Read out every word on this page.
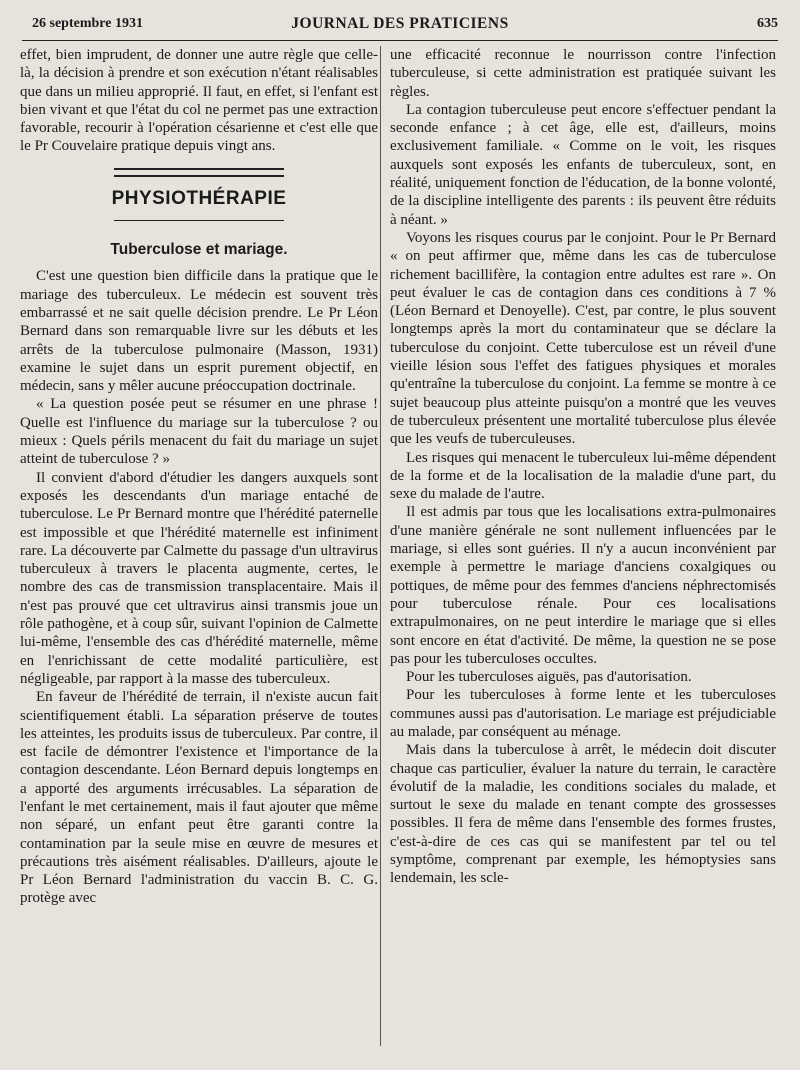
26 septembre 1931	JOURNAL DES PRATICIENS	635

effet, bien imprudent, de donner une autre règle que celle-là, la décision à prendre et son exécution n'étant réalisables que dans un milieu approprié. Il faut, en effet, si l'enfant est bien vivant et que l'état du col ne permet pas une extraction favorable, recourir à l'opération césarienne et c'est elle que le Pr Couvelaire pratique depuis vingt ans.

PHYSIOTHÉRAPIE
Tuberculose et mariage.

C'est une question bien difficile dans la pratique que le mariage des tuberculeux. Le médecin est souvent très embarrassé et ne sait quelle décision prendre. Le Pr Léon Bernard dans son remarquable livre sur les débuts et les arrêts de la tuberculose pulmonaire (Masson, 1931) examine le sujet dans un esprit purement objectif, en médecin, sans y mêler aucune préoccupation doctrinale.

« La question posée peut se résumer en une phrase ! Quelle est l'influence du mariage sur la tuberculose ? ou mieux : Quels périls menacent du fait du mariage un sujet atteint de tuberculose ? »

Il convient d'abord d'étudier les dangers auxquels sont exposés les descendants d'un mariage entaché de tuberculose. Le Pr Bernard montre que l'hérédité paternelle est impossible et que l'hérédité maternelle est infiniment rare. La découverte par Calmette du passage d'un ultravirus tuberculeux à travers le placenta augmente, certes, le nombre des cas de transmission transplacentaire. Mais il n'est pas prouvé que cet ultravirus ainsi transmis joue un rôle pathogène, et à coup sûr, suivant l'opinion de Calmette lui-même, l'ensemble des cas d'hérédité maternelle, même en l'enrichissant de cette modalité particulière, est négligeable, par rapport à la masse des tuberculeux.

En faveur de l'hérédité de terrain, il n'existe aucun fait scientifiquement établi. La séparation préserve de toutes les atteintes, les produits issus de tuberculeux. Par contre, il est facile de démontrer l'existence et l'importance de la contagion descendante. Léon Bernard depuis longtemps en a apporté des arguments irrécusables. La séparation de l'enfant le met certainement, mais il faut ajouter que même non séparé, un enfant peut être garanti contre la contamination par la seule mise en œuvre de mesures et précautions très aisément réalisables. D'ailleurs, ajoute le Pr Léon Bernard l'administration du vaccin B. C. G. protège avec

une efficacité reconnue le nourrisson contre l'infection tuberculeuse, si cette administration est pratiquée suivant les règles.

La contagion tuberculeuse peut encore s'effectuer pendant la seconde enfance ; à cet âge, elle est, d'ailleurs, moins exclusivement familiale. « Comme on le voit, les risques auxquels sont exposés les enfants de tuberculeux, sont, en réalité, uniquement fonction de l'éducation, de la bonne volonté, de la discipline intelligente des parents : ils peuvent être réduits à néant. »

Voyons les risques courus par le conjoint. Pour le Pr Bernard « on peut affirmer que, même dans les cas de tuberculose richement bacillifère, la contagion entre adultes est rare ». On peut évaluer le cas de contagion dans ces conditions à 7 % (Léon Bernard et Denoyelle). C'est, par contre, le plus souvent longtemps après la mort du contaminateur que se déclare la tuberculose du conjoint. Cette tuberculose est un réveil d'une vieille lésion sous l'effet des fatigues physiques et morales qu'entraîne la tuberculose du conjoint. La femme se montre à ce sujet beaucoup plus atteinte puisqu'on a montré que les veuves de tuberculeux présentent une mortalité tuberculose plus élevée que les veufs de tuberculeuses.

Les risques qui menacent le tuberculeux lui-même dépendent de la forme et de la localisation de la maladie d'une part, du sexe du malade de l'autre.

Il est admis par tous que les localisations extra-pulmonaires d'une manière générale ne sont nullement influencées par le mariage, si elles sont guéries. Il n'y a aucun inconvénient par exemple à permettre le mariage d'anciens coxalgiques ou pottiques, de même pour des femmes d'anciens néphrectomisés pour tuberculose rénale. Pour ces localisations extrapulmonaires, on ne peut interdire le mariage que si elles sont encore en état d'activité. De même, la question ne se pose pas pour les tuberculoses occultes.

Pour les tuberculoses aiguës, pas d'autorisation.

Pour les tuberculoses à forme lente et les tuberculoses communes aussi pas d'autorisation. Le mariage est préjudiciable au malade, par conséquent au ménage.

Mais dans la tuberculose à arrêt, le médecin doit discuter chaque cas particulier, évaluer la nature du terrain, le caractère évolutif de la maladie, les conditions sociales du malade, et surtout le sexe du malade en tenant compte des grossesses possibles. Il fera de même dans l'ensemble des formes frustes, c'est-à-dire de ces cas qui se manifestent par tel ou tel symptôme, comprenant par exemple, les hémoptysies sans lendemain, les scle-
